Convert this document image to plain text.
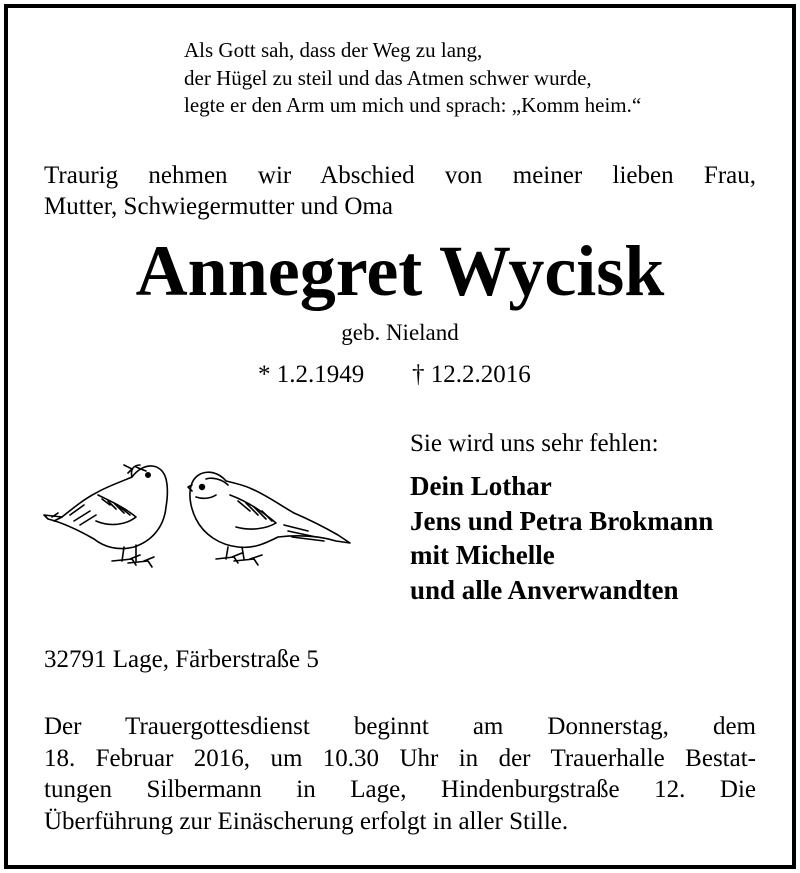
Als Gott sah, dass der Weg zu lang,
der Hügel zu steil und das Atmen schwer wurde,
legte er den Arm um mich und sprach: „Komm heim.“
Traurig nehmen wir Abschied von meiner lieben Frau,
Mutter, Schwiegermutter und Oma
Annegret Wycisk
geb. Nieland
* 1.2.1949 † 12.2.2016
Sie wird uns sehr fehlen:
Dein Lothar
Jens und Petra Brokmann
mit Michelle
und alle Anverwandten
32791 Lage, Färberstraße 5
Der Trauergottesdienst beginnt am Donnerstag, dem
18. Februar 2016, um 10.30 Uhr in der Trauerhalle Bestat-
tungen Silbermann in Lage, Hindenburgstraße 12. Die
Überführung zur Einäscherung erfolgt in aller Stille.
